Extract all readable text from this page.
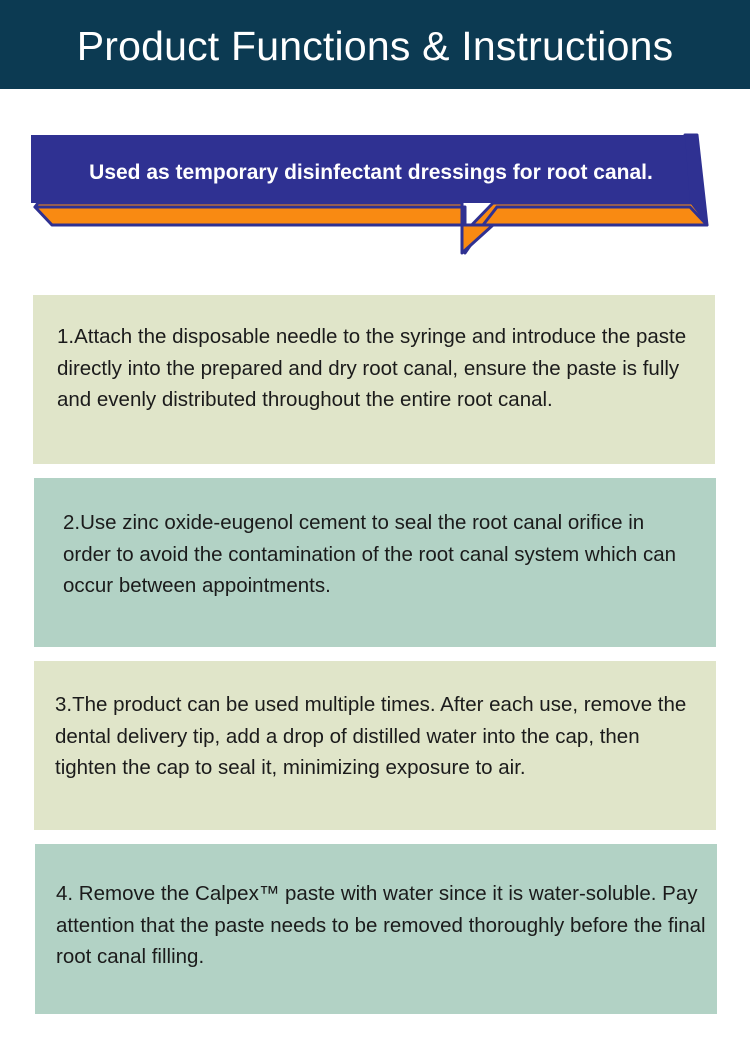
Product Functions & Instructions
Used as temporary disinfectant dressings for root canal.

1.Attach the disposable needle to the syringe and introduce the paste directly into the prepared and dry root canal, ensure the paste is fully and evenly distributed throughout the entire root canal.

2.Use zinc oxide-eugenol cement to seal the root canal orifice in order to avoid the contamination of the root canal system which can occur between appointments.

3.The product can be used multiple times. After each use, remove the dental delivery tip, add a drop of distilled water into the cap, then tighten the cap to seal it, minimizing exposure to air.

4. Remove the Calpex™ paste with water since it is water-soluble. Pay attention that the paste needs to be removed thoroughly before the final root canal filling.
